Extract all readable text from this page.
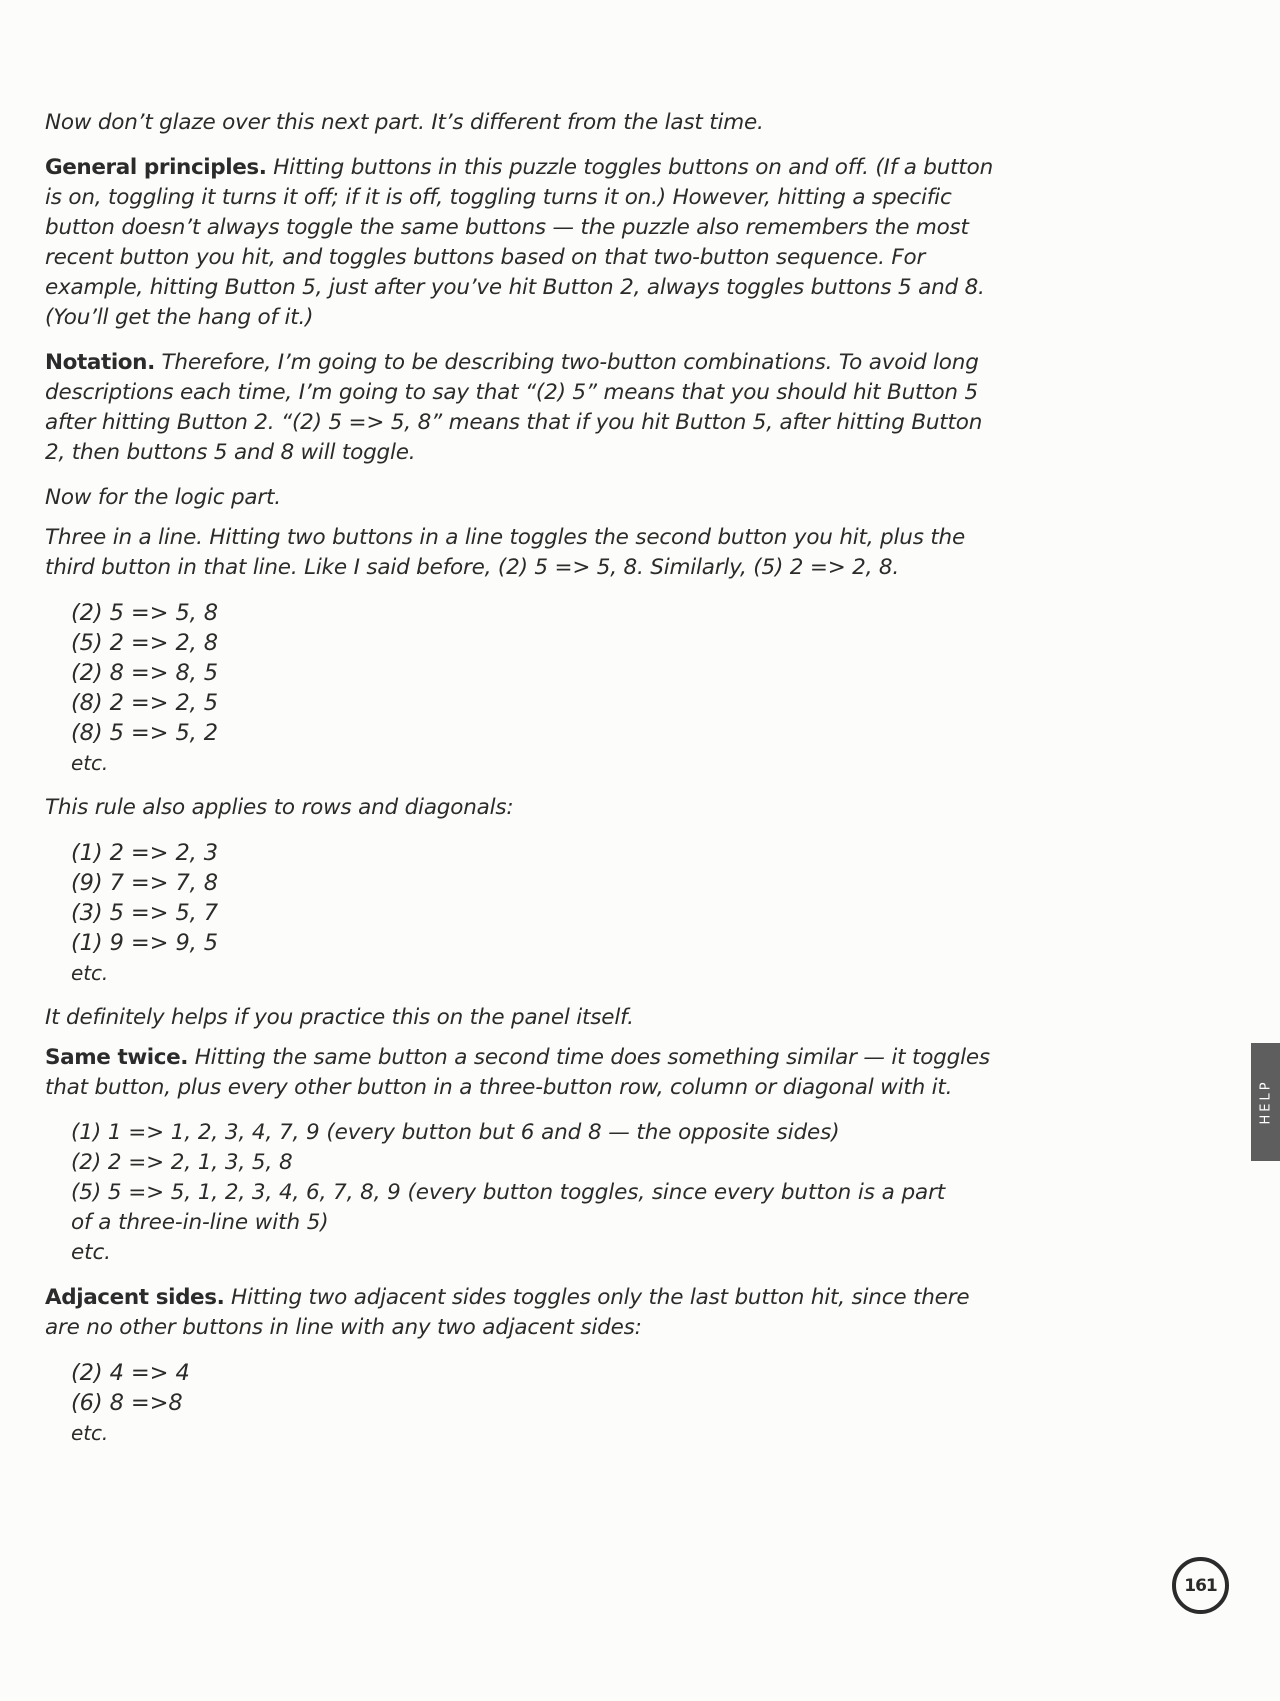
Now don’t glaze over this next part. It’s different from the last time.

General principles. Hitting buttons in this puzzle toggles buttons on and off. (If a button is on, toggling it turns it off; if it is off, toggling turns it on.) However, hitting a specific button doesn’t always toggle the same buttons — the puzzle also remembers the most recent button you hit, and toggles buttons based on that two-button sequence. For example, hitting Button 5, just after you’ve hit Button 2, always toggles buttons 5 and 8. (You’ll get the hang of it.)

Notation. Therefore, I’m going to be describing two-button combinations. To avoid long descriptions each time, I’m going to say that “(2) 5” means that you should hit Button 5 after hitting Button 2. “(2) 5 => 5, 8” means that if you hit Button 5, after hitting Button 2, then buttons 5 and 8 will toggle.

Now for the logic part.

Three in a line. Hitting two buttons in a line toggles the second button you hit, plus the third button in that line. Like I said before, (2) 5 => 5, 8. Similarly, (5) 2 => 2, 8.

(2) 5 => 5, 8
(5) 2 => 2, 8
(2) 8 => 8, 5
(8) 2 => 2, 5
(8) 5 => 5, 2
etc.

This rule also applies to rows and diagonals:

(1) 2 => 2, 3
(9) 7 => 7, 8
(3) 5 => 5, 7
(1) 9 => 9, 5
etc.

It definitely helps if you practice this on the panel itself.

Same twice. Hitting the same button a second time does something similar — it toggles that button, plus every other button in a three-button row, column or diagonal with it.

(1) 1 => 1, 2, 3, 4, 7, 9 (every button but 6 and 8 — the opposite sides)
(2) 2 => 2, 1, 3, 5, 8
(5) 5 => 5, 1, 2, 3, 4, 6, 7, 8, 9 (every button toggles, since every button is a part
of a three-in-line with 5)
etc.

Adjacent sides. Hitting two adjacent sides toggles only the last button hit, since there are no other buttons in line with any two adjacent sides:

(2) 4 => 4
(6) 8 =>8
etc.
HELP
161
